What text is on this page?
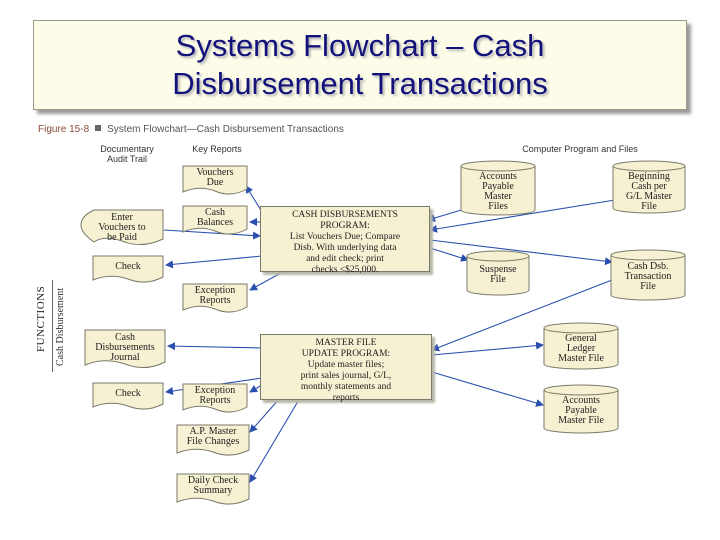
Systems Flowchart – Cash
Disbursement Transactions
Figure 15-8 System Flowchart—Cash Disbursement Transactions
Documentary
Audit Trail
Key Reports	Computer Program and Files
FUNCTIONS Cash Disbursement
Enter
Vouchers to
be Paid
Check
Cash
Disbursements
Journal
Check
Vouchers
Due
Cash
Balances
Exception
Reports
Exception
Reports
A.P. Master
File Changes
Daily Check
Summary
CASH DISBURSEMENTS
PROGRAM:
List Vouchers Due; Compare
Disb. With underlying data
and edit check; print
checks <$25,000.
MASTER FILE
UPDATE PROGRAM:
Update master files;
print sales journal, G/L,
monthly statements and
reports
Accounts
Payable
Master
Files
Beginning
Cash per
G/L Master
File
Suspense
File
Cash Dsb.
Transaction
File
General
Ledger
Master File
Accounts
Payable
Master File
